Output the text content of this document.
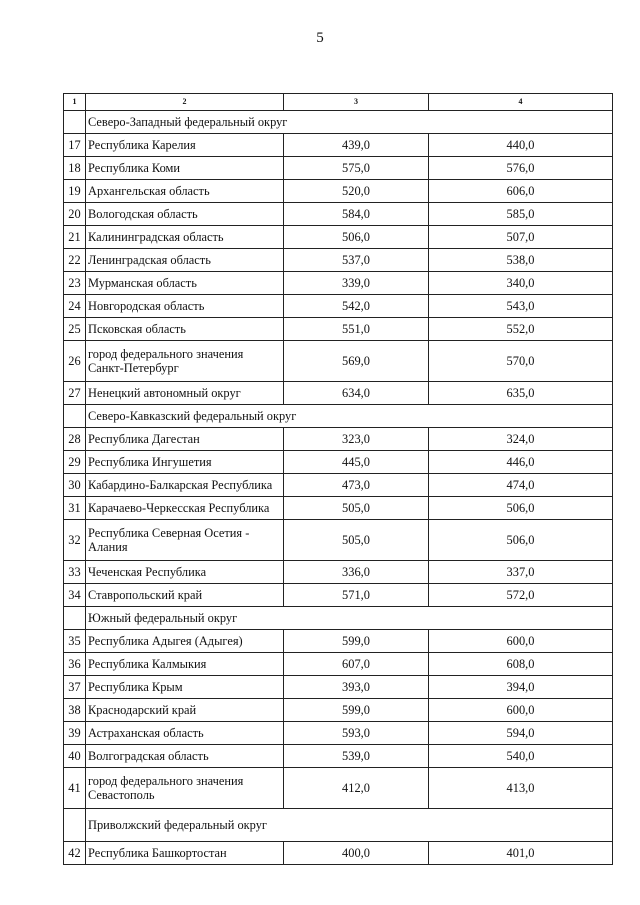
5
1	2	3	4
	Северо-Западный федеральный округ		
17	Республика Карелия	439,0	440,0
18	Республика Коми	575,0	576,0
19	Архангельская область	520,0	606,0
20	Вологодская область	584,0	585,0
21	Калининградская область	506,0	507,0
22	Ленинградская область	537,0	538,0
23	Мурманская область	339,0	340,0
24	Новгородская область	542,0	543,0
25	Псковская область	551,0	552,0
26	город федерального значения Санкт-Петербург	569,0	570,0
27	Ненецкий автономный округ	634,0	635,0
	Северо-Кавказский федеральный округ		
28	Республика Дагестан	323,0	324,0
29	Республика Ингушетия	445,0	446,0
30	Кабардино-Балкарская Республика	473,0	474,0
31	Карачаево-Черкесская Республика	505,0	506,0
32	Республика Северная Осетия - Алания	505,0	506,0
33	Чеченская Республика	336,0	337,0
34	Ставропольский край	571,0	572,0
	Южный федеральный округ		
35	Республика Адыгея (Адыгея)	599,0	600,0
36	Республика Калмыкия	607,0	608,0
37	Республика Крым	393,0	394,0
38	Краснодарский край	599,0	600,0
39	Астраханская область	593,0	594,0
40	Волгоградская область	539,0	540,0
41	город федерального значения Севастополь	412,0	413,0
	Приволжский федеральный округ		
42	Республика Башкортостан	400,0	401,0
